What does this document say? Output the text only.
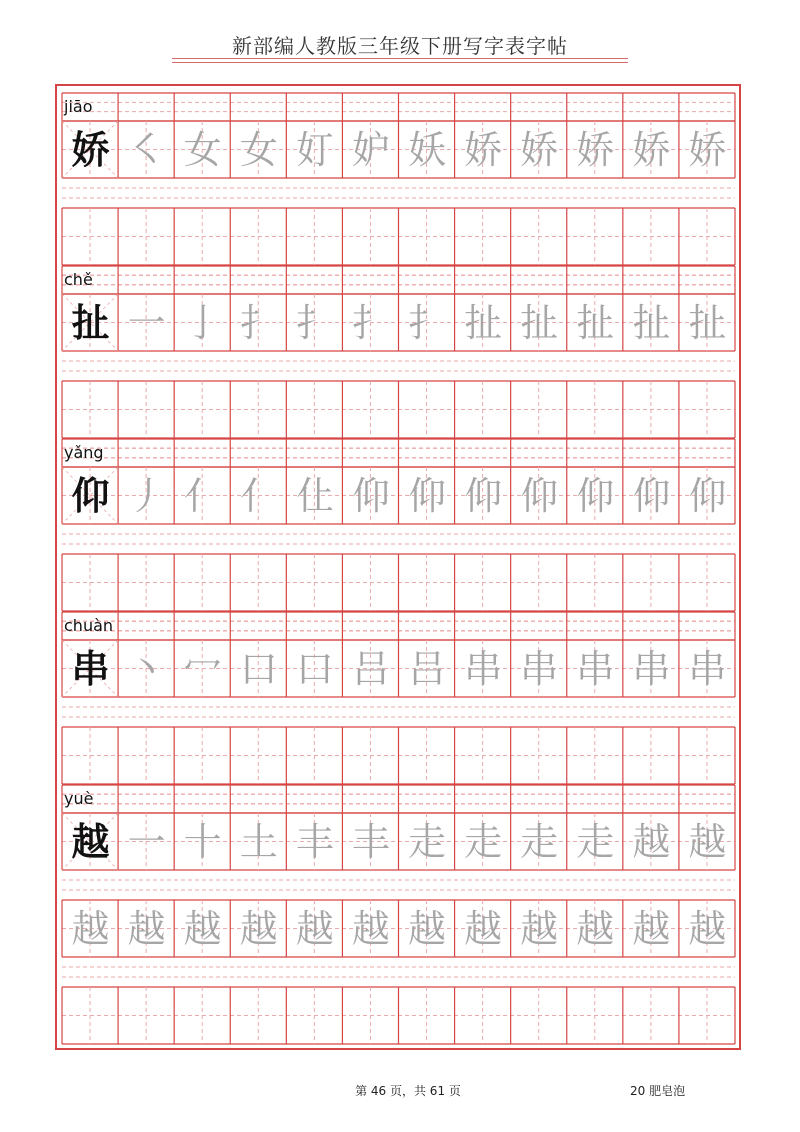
新部编人教版三年级下册写字表字帖
jiāo
娇 ㇛ 女 女 奵 妒 妖 娇 娇 娇 娇 娇
chě
扯 一 亅 扌 扌 扌 扌 扯 扯 扯 扯 扯
yǎng
仰 丿 亻 亻 仩 仰 仰 仰 仰 仰 仰 仰
chuàn
串 丶 冖 口 口 吕 吕 串 串 串 串 串
yuè
越 一 十 土 丰 丰 走 走 走 走 越 越
越 越 越 越 越 越 越 越 越 越 越 越
第 46 页，共 61 页	20 肥皂泡
